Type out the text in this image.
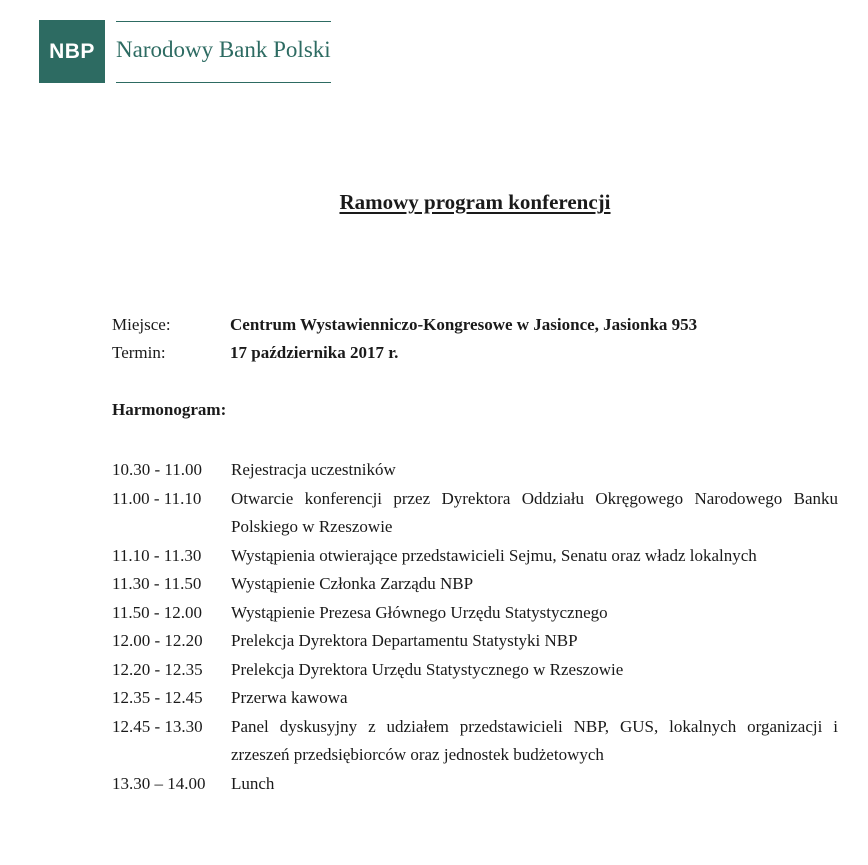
NBP Narodowy Bank Polski
Ramowy program konferencji
Miejsce:	Centrum Wystawienniczo-Kongresowe w Jasionce, Jasionka 953
Termin:	17 października 2017 r.
Harmonogram:
10.30 - 11.00	Rejestracja uczestników
11.00 - 11.10	Otwarcie konferencji przez Dyrektora Oddziału Okręgowego Narodowego Banku Polskiego w Rzeszowie
11.10 - 11.30	Wystąpienia otwierające przedstawicieli Sejmu, Senatu oraz władz lokalnych
11.30 - 11.50	Wystąpienie Członka Zarządu NBP
11.50 - 12.00	Wystąpienie Prezesa Głównego Urzędu Statystycznego
12.00 - 12.20	Prelekcja Dyrektora Departamentu Statystyki NBP
12.20 - 12.35	Prelekcja Dyrektora Urzędu Statystycznego w Rzeszowie
12.35 - 12.45	Przerwa kawowa
12.45 - 13.30	Panel dyskusyjny z udziałem przedstawicieli NBP, GUS, lokalnych organizacji i zrzeszeń przedsiębiorców oraz jednostek budżetowych
13.30 – 14.00	Lunch
